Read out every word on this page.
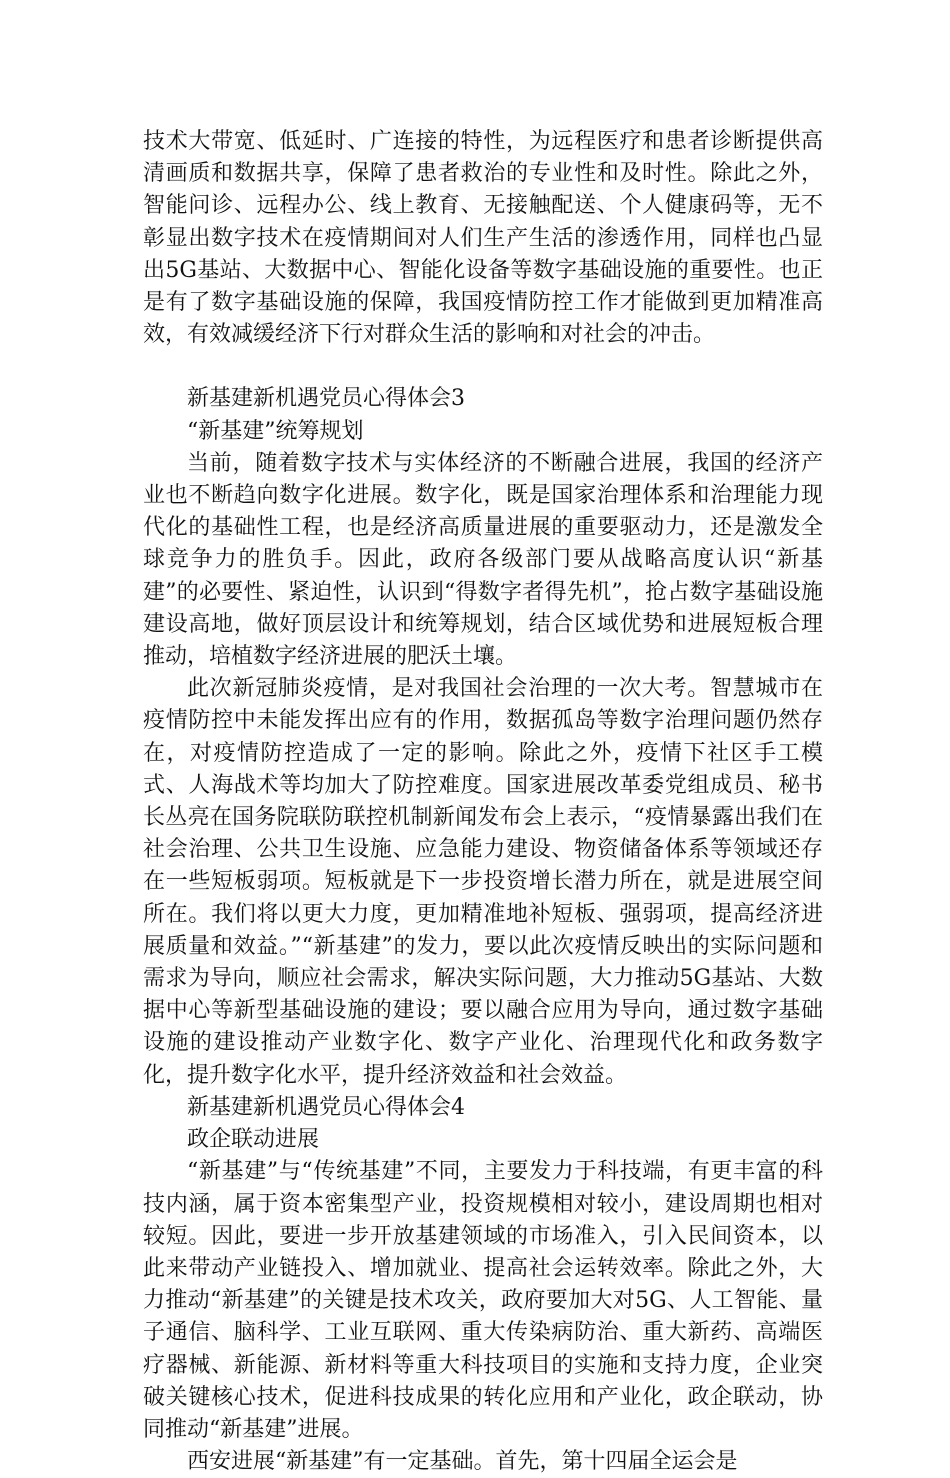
技术大带宽、低延时、广连接的特性，为远程医疗和患者诊断提供高清画质和数据共享，保障了患者救治的专业性和及时性。除此之外，智能问诊、远程办公、线上教育、无接触配送、个人健康码等，无不彰显出数字技术在疫情期间对人们生产生活的渗透作用，同样也凸显出5G基站、大数据中心、智能化设备等数字基础设施的重要性。也正是有了数字基础设施的保障，我国疫情防控工作才能做到更加精准高效，有效减缓经济下行对群众生活的影响和对社会的冲击。

新基建新机遇党员心得体会3

“新基建”统筹规划

当前，随着数字技术与实体经济的不断融合进展，我国的经济产业也不断趋向数字化进展。数字化，既是国家治理体系和治理能力现代化的基础性工程，也是经济高质量进展的重要驱动力，还是激发全球竞争力的胜负手。因此，政府各级部门要从战略高度认识“新基建”的必要性、紧迫性，认识到“得数字者得先机”，抢占数字基础设施建设高地，做好顶层设计和统筹规划，结合区域优势和进展短板合理推动，培植数字经济进展的肥沃土壤。

此次新冠肺炎疫情，是对我国社会治理的一次大考。智慧城市在疫情防控中未能发挥出应有的作用，数据孤岛等数字治理问题仍然存在，对疫情防控造成了一定的影响。除此之外，疫情下社区手工模式、人海战术等均加大了防控难度。国家进展改革委党组成员、秘书长丛亮在国务院联防联控机制新闻发布会上表示，“疫情暴露出我们在社会治理、公共卫生设施、应急能力建设、物资储备体系等领域还存在一些短板弱项。短板就是下一步投资增长潜力所在，就是进展空间所在。我们将以更大力度，更加精准地补短板、强弱项，提高经济进展质量和效益。”“新基建”的发力，要以此次疫情反映出的实际问题和需求为导向，顺应社会需求，解决实际问题，大力推动5G基站、大数据中心等新型基础设施的建设；要以融合应用为导向，通过数字基础设施的建设推动产业数字化、数字产业化、治理现代化和政务数字化，提升数字化水平，提升经济效益和社会效益。

新基建新机遇党员心得体会4

政企联动进展

“新基建”与“传统基建”不同，主要发力于科技端，有更丰富的科技内涵，属于资本密集型产业，投资规模相对较小，建设周期也相对较短。因此，要进一步开放基建领域的市场准入，引入民间资本，以此来带动产业链投入、增加就业、提高社会运转效率。除此之外，大力推动“新基建”的关键是技术攻关，政府要加大对5G、人工智能、量子通信、脑科学、工业互联网、重大传染病防治、重大新药、高端医疗器械、新能源、新材料等重大科技项目的实施和支持力度，企业突破关键核心技术，促进科技成果的转化应用和产业化，政企联动，协同推动“新基建”进展。

西安进展“新基建”有一定基础。首先，第十四届全运会是
